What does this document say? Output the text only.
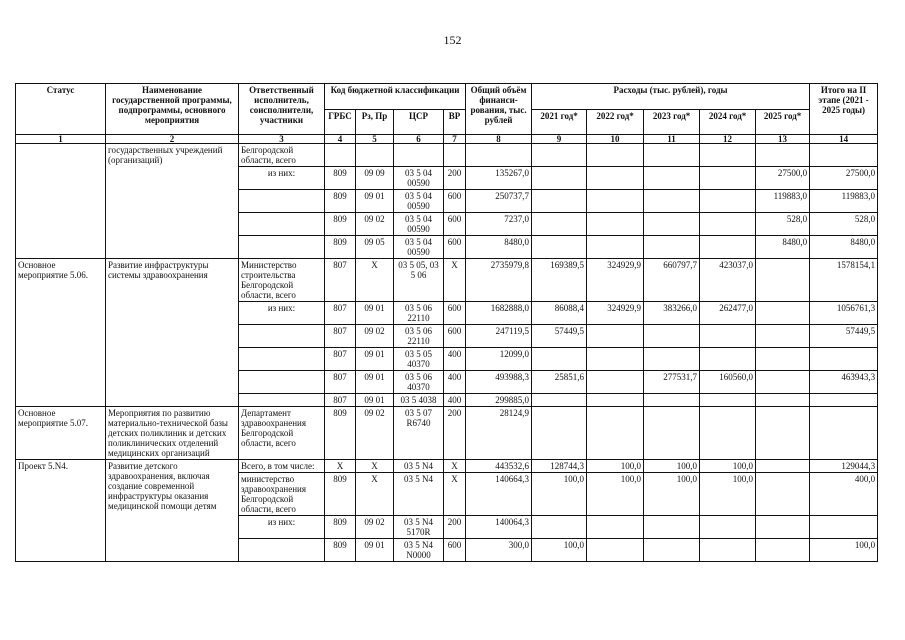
152
Статус	Наименование государственной программы, подпрограммы, основного мероприятия	Ответственный исполнитель, соисполнители, участники	Код бюджетной классификации				Общий объём финанси-рования, тыс. рублей	Расходы (тыс. рублей), годы					Итого на II этапе (2021 - 2025 годы)
			ГРБС	Рз, Пр	ЦСР	ВР		2021 год*	2022 год*	2023 год*	2024 год*	2025 год*	
1	2	3	4	5	6	7	8	9	10	11	12	13	14
	государственных учреждений (организаций)	Белгородской области, всего											
		из них:	809	09 09	03 5 04 00590	200	135267,0					27500,0	27500,0
			809	09 01	03 5 04 00590	600	250737,7					119883,0	119883,0
			809	09 02	03 5 04 00590	600	7237,0					528,0	528,0
			809	09 05	03 5 04 00590	600	8480,0					8480,0	8480,0
Основное мероприятие 5.06.	Развитие инфраструктуры системы здравоохранения	Министерство строительства Белгородской области, всего	807	Х	03 5 05, 03 5 06	Х	2735979,8	169389,5	324929,9	660797,7	423037,0		1578154,1
		из них:	807	09 01	03 5 06 22110	600	1682888,0	86088,4	324929,9	383266,0	262477,0		1056761,3
			807	09 02	03 5 06 22110	600	247119,5	57449,5					57449,5
			807	09 01	03 5 05 40370	400	12099,0						
			807	09 01	03 5 06 40370	400	493988,3	25851,6		277531,7	160560,0		463943,3
			807	09 01	03 5 4038	400	299885,0						
Основное мероприятие 5.07.	Мероприятия по развитию материально-технической базы детских поликлиник и детских поликлинических отделений медицинских организаций	Департамент здравоохранения Белгородской области, всего	809	09 02	03 5 07 R6740	200	28124,9						
Проект 5.N4.	Развитие детского здравоохранения, включая создание современной инфраструктуры оказания медицинской помощи детям	Всего, в том числе:	Х	Х	03 5 N4	Х	443532,6	128744,3	100,0	100,0	100,0		129044,3
		министерство здравоохранения Белгородской области, всего	809	Х	03 5 N4	Х	140664,3	100,0	100,0	100,0	100,0		400,0
		из них:	809	09 02	03 5 N4 5170R	200	140064,3						
			809	09 01	03 5 N4 N0000	600	300,0	100,0					100,0
